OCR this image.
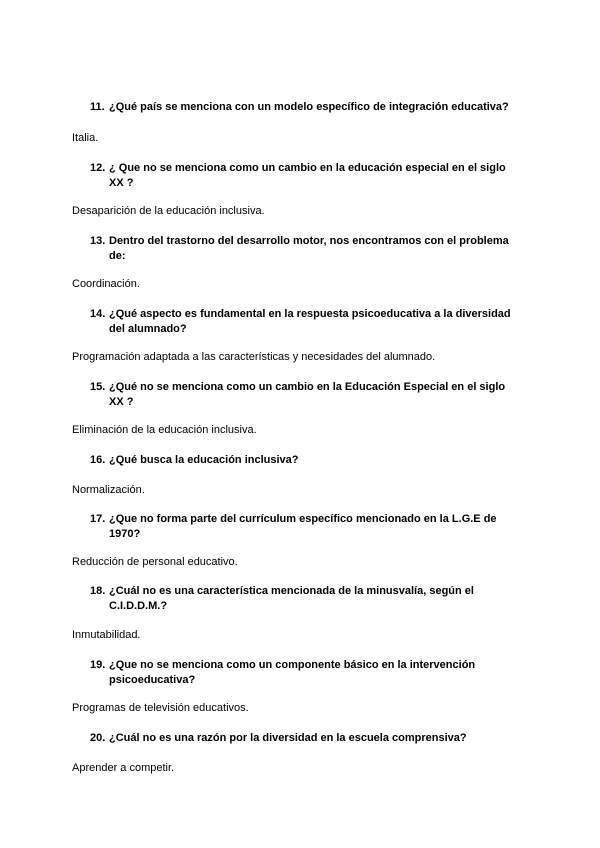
11. ¿Qué país se menciona con un modelo específico de integración educativa?

Italia.

12. ¿ Que no se menciona como un cambio en la educación especial en el siglo XX ?

Desaparición de la educación inclusiva.

13. Dentro del trastorno del desarrollo motor, nos encontramos con el problema de:

Coordinación.

14. ¿Qué aspecto es fundamental en la respuesta psicoeducativa a la diversidad del alumnado?

Programación adaptada a las características y necesidades del alumnado.

15. ¿Qué no se menciona como un cambio en la Educación Especial en el siglo XX ?

Eliminación de la educación inclusiva.

16. ¿Qué busca la educación inclusiva?

Normalización.

17. ¿Que no forma parte del currículum específico mencionado en la L.G.E de 1970?

Reducción de personal educativo.

18. ¿Cuál no es una característica mencionada de la minusvalía, según el C.I.D.D.M.?

Inmutabilidad.

19. ¿Que no se menciona como un componente básico en la intervención psicoeducativa?

Programas de televisión educativos.

20. ¿Cuál no es una razón por la diversidad en la escuela comprensiva?

Aprender a competir.
